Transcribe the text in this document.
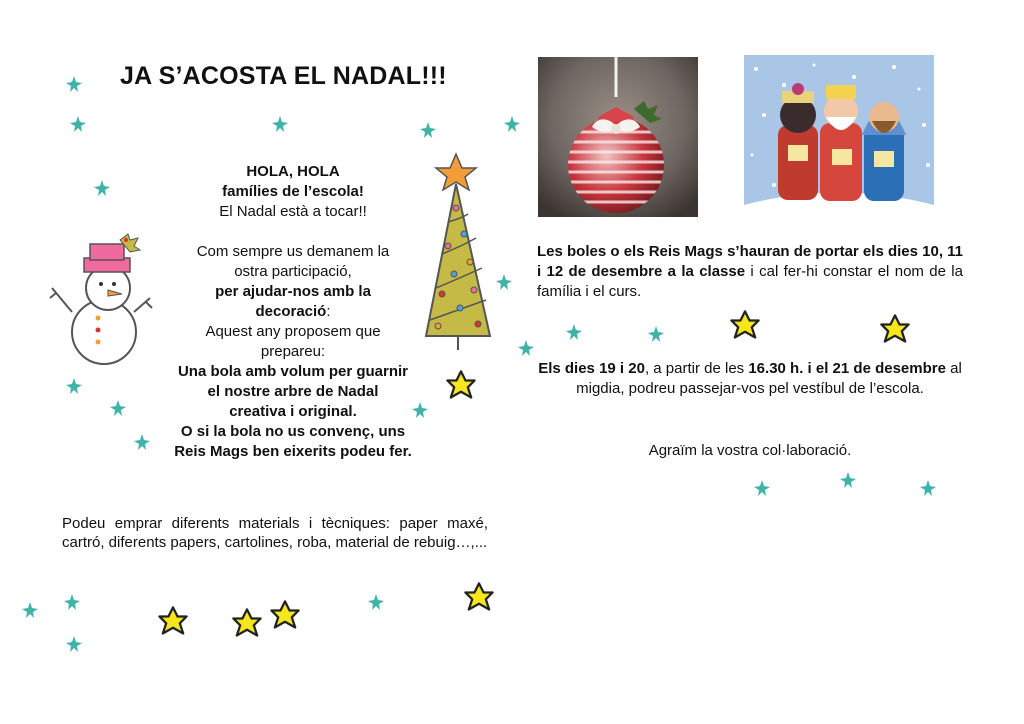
JA S’ACOSTA EL NADAL!!!
HOLA, HOLA
famílies de l’escola!
El Nadal està a tocar!!
Com sempre us demanem la
ostra participació,
per ajudar-nos amb la
decoració:
Aquest any proposem que
prepareu:
Una bola amb volum per guarnir
el nostre arbre de Nadal
creativa i original.
O si la bola no us convenç, uns
Reis Mags ben eixerits podeu fer.
Podeu emprar diferents materials i tècniques: paper maxé, cartró, diferents papers, cartolines, roba, material de rebuig…,...
Les boles o els Reis Mags s’hauran de portar els dies 10, 11 i 12 de desembre a la classe i cal fer-hi constar el nom de la família i el curs.
Els dies 19 i 20, a partir de les 16.30 h. i el 21 de desembre al migdia, podreu passejar-vos pel vestíbul de l’escola.
Agraïm la vostra col·laboració.
